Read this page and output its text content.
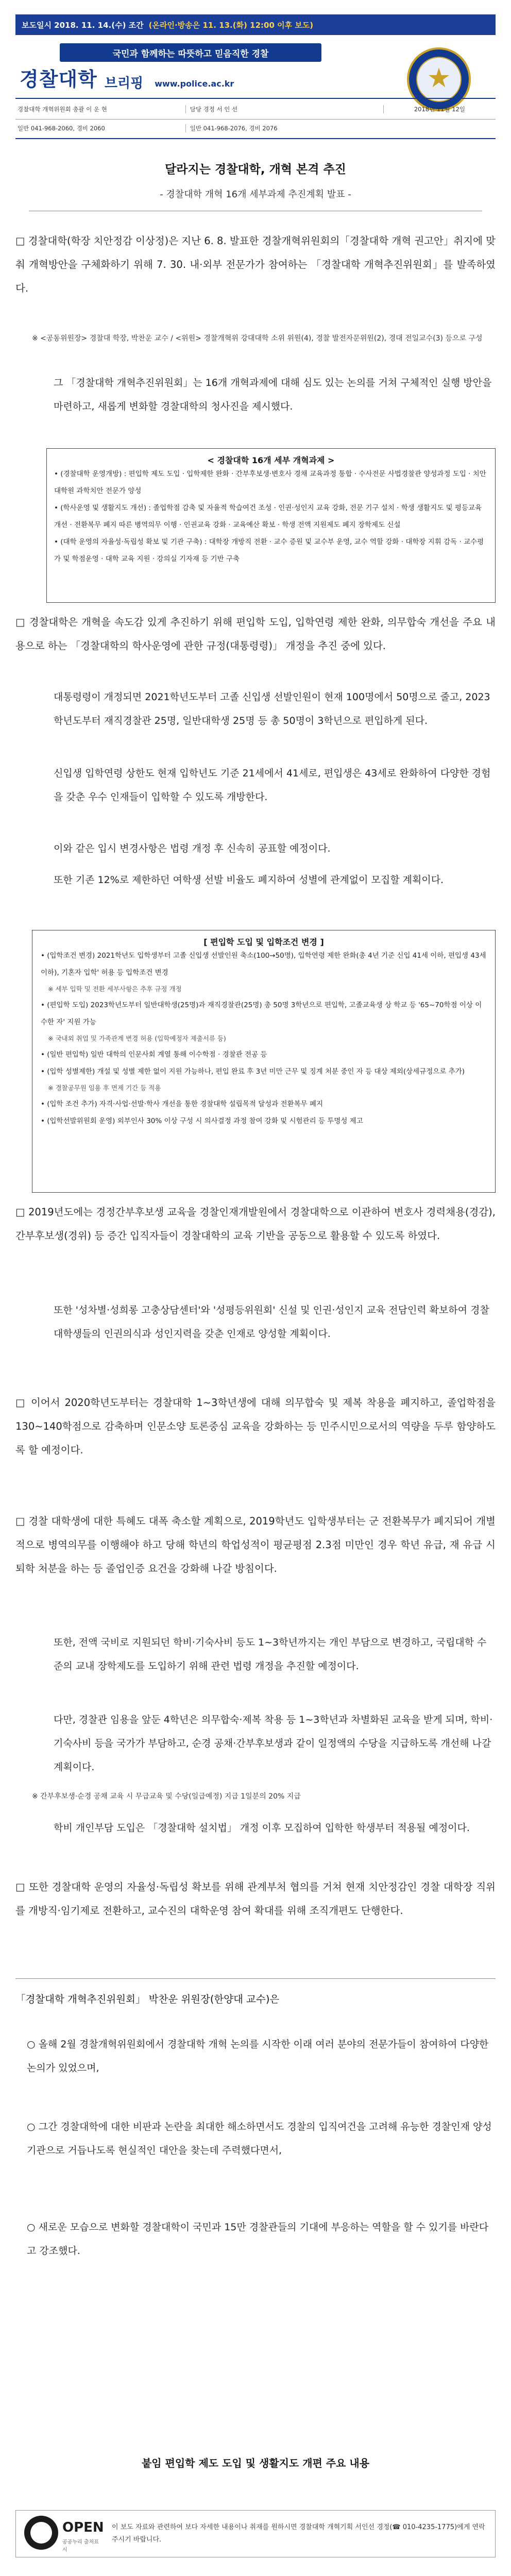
보도일시 2018. 11. 14.(수) 조간 (온라인·방송은 11. 13.(화) 12:00 이후 보도)
국민과 함께하는 따뜻하고 믿음직한 경찰
경찰대학 브리핑 www.police.ac.kr	★
경찰대학 개혁위원회 총괄 이 운 현	담당 경정 서 인 선	2018년 11월 12일
일반 041-968-2060, 경비 2060	일반 041-968-2076, 경비 2076
달라지는 경찰대학, 개혁 본격 추진
- 경찰대학 개혁 16개 세부과제 추진계획 발표 -
□ 경찰대학(학장 치안정감 이상정)은 지난 6. 8. 발표한 경찰개혁위원회의「경찰대학 개혁 권고안」취지에 맞춰 개혁방안을 구체화하기 위해 7. 30. 내·외부 전문가가 참여하는 「경찰대학 개혁추진위원회」를 발족하였다.
※ <공동위원장> 경찰대 학장, 박찬운 교수 / <위원> 경찰개혁위 강대대학 소위 위원(4), 경찰 발전자문위원(2), 경대 전일교수(3) 등으로 구성
그 「경찰대학 개혁추진위원회」는 16개 개혁과제에 대해 심도 있는 논의를 거쳐 구체적인 실행 방안을 마련하고, 새롭게 변화할 경찰대학의 청사진을 제시했다.
< 경찰대학 16개 세부 개혁과제 >
• (경찰대학 운영개방) : 편입학 제도 도입 · 입학제한 완화 · 간부후보생·변호사 경채 교육과정 통합 · 수사전문 사법경찰관 양성과정 도입 · 치안대학원 과학치안 전문가 양성
• (학사운영 및 생활지도 개선) : 졸업학점 감축 및 자율적 학습여건 조성 · 인권·성인지 교육 강화, 전문 기구 설치 · 학생 생활지도 및 평등교육 개선 · 전환복무 폐지 따른 병역의무 이행 · 인권교육 강화 · 교육예산 확보 · 학생 전액 지원제도 폐지 장학제도 신설
• (대학 운영의 자율성·독립성 확보 및 기관 구축) : 대학장 개방직 전환 · 교수 증원 및 교수부 운영, 교수 역할 강화 · 대학장 지휘 감독 · 교수평가 및 학점운영 · 대학 교육 지원 · 강의실 기자재 등 기반 구축
□ 경찰대학은 개혁을 속도감 있게 추진하기 위해 편입학 도입, 입학연령 제한 완화, 의무합숙 개선을 주요 내용으로 하는 「경찰대학의 학사운영에 관한 규정(대통령령)」 개정을 추진 중에 있다.
대통령령이 개정되면 2021학년도부터 고졸 신입생 선발인원이 현재 100명에서 50명으로 줄고, 2023학년도부터 재직경찰관 25명, 일반대학생 25명 등 총 50명이 3학년으로 편입하게 된다.
신입생 입학연령 상한도 현재 입학년도 기준 21세에서 41세로, 편입생은 43세로 완화하여 다양한 경험을 갖춘 우수 인재들이 입학할 수 있도록 개방한다.
이와 같은 입시 변경사항은 법령 개정 후 신속히 공표할 예정이다.
또한 기존 12%로 제한하던 여학생 선발 비율도 폐지하여 성별에 관계없이 모집할 계획이다.
[ 편입학 도입 및 입학조건 변경 ]
• (입학조건 변경) 2021학년도 입학생부터 고졸 신입생 선발인원 축소(100→50명), 입학연령 제한 완화(총 4년 기준 신입 41세 이하, 편입생 43세 이하), 기혼자 입학' 허용 등 입학조건 변경
※ 세부 입학 및 전환 세부사항은 추후 규정 개정
• (편입학 도입) 2023학년도부터 일반대학생(25명)과 재직경찰관(25명) 총 50명 3학년으로 편입학, 고졸교육생 상 학교 등 '65~70학점 이상 이수한 자' 지원 가능
※ 국내외 취업 및 가족관계 변경 허용 (입학예정자 제출서류 등)
• (일반 편입학) 일반 대학의 인문사회 계열 통해 이수학점 · 경찰관 전공 등
• (입학 성별제한) 개설 및 성별 제한 없이 지원 가능하나, 편입 완료 후 3년 미만 근무 및 징계 처분 중인 자 등 대상 제외(상세규정으로 추가)
※ 경찰공무원 임용 후 면제 기간 등 적용
• (입학 조건 추가) 자격·사업·선발·학사 개선을 통한 경찰대학 설립목적 달성과 전환복무 폐지
• (입학선발위원회 운영) 외부인사 30% 이상 구성 시 의사결정 과정 참여 강화 및 시험관리 등 투명성 제고
□ 2019년도에는 경정간부후보생 교육을 경찰인재개발원에서 경찰대학으로 이관하여 변호사 경력채용(경감), 간부후보생(경위) 등 증간 입직자들이 경찰대학의 교육 기반을 공동으로 활용할 수 있도록 하였다.
또한 '성차별·성희롱 고충상담센터'와 '성평등위원회' 신설 및 인권·성인지 교육 전담인력 확보하여 경찰 대학생들의 인권의식과 성인지력을 갖춘 인재로 양성할 계획이다.
□ 이어서 2020학년도부터는 경찰대학 1~3학년생에 대해 의무합숙 및 제복 착용을 폐지하고, 졸업학점을 130~140학점으로 감축하며 인문소양 토론중심 교육을 강화하는 등 민주시민으로서의 역량을 두루 함양하도록 할 예정이다.
□ 경찰 대학생에 대한 특혜도 대폭 축소할 계획으로, 2019학년도 입학생부터는 군 전환복무가 폐지되어 개별적으로 병역의무를 이행해야 하고 당해 학년의 학업성적이 평균평점 2.3점 미만인 경우 학년 유급, 재 유급 시 퇴학 처분을 하는 등 졸업인증 요건을 강화해 나갈 방침이다.
또한, 전액 국비로 지원되던 학비·기숙사비 등도 1~3학년까지는 개인 부담으로 변경하고, 국립대학 수준의 교내 장학제도를 도입하기 위해 관련 법령 개정을 추진할 예정이다.
다만, 경찰관 임용을 앞둔 4학년은 의무합숙·제복 착용 등 1~3학년과 차별화된 교육을 받게 되며, 학비·기숙사비 등을 국가가 부담하고, 순경 공채·간부후보생과 같이 일정액의 수당을 지급하도록 개선해 나갈 계획이다.
※ 간부후보생·순경 공채 교육 시 무급교육 및 수당(일급예정) 지급 1일분의 20% 지급
학비 개인부담 도입은 「경찰대학 설치법」 개정 이후 모집하여 입학한 학생부터 적용될 예정이다.
□ 또한 경찰대학 운영의 자율성·독립성 확보를 위해 관계부처 협의를 거쳐 현재 치안정감인 경찰 대학장 직위를 개방직·임기제로 전환하고, 교수진의 대학운영 참여 확대를 위해 조직개편도 단행한다.
「경찰대학 개혁추진위원회」 박찬운 위원장(한양대 교수)은
○ 올해 2월 경찰개혁위원회에서 경찰대학 개혁 논의를 시작한 이래 여러 분야의 전문가들이 참여하여 다양한 논의가 있었으며,
○ 그간 경찰대학에 대한 비판과 논란을 최대한 해소하면서도 경찰의 입직여건을 고려해 유능한 경찰인재 양성 기관으로 거듭나도록 현실적인 대안을 찾는데 주력했다면서,
○ 새로운 모습으로 변화할 경찰대학이 국민과 15만 경찰관들의 기대에 부응하는 역할을 할 수 있기를 바란다고 강조했다.
붙임 편입학 제도 도입 및 생활지도 개편 주요 내용
OPEN
공공누리 출처표시
이 보도 자료와 관련하여 보다 자세한 내용이나 취재를 원하시면 경찰대학 개혁기획 서인선 경정(☎ 010-4235-1775)에게 연락주시기 바랍니다.
